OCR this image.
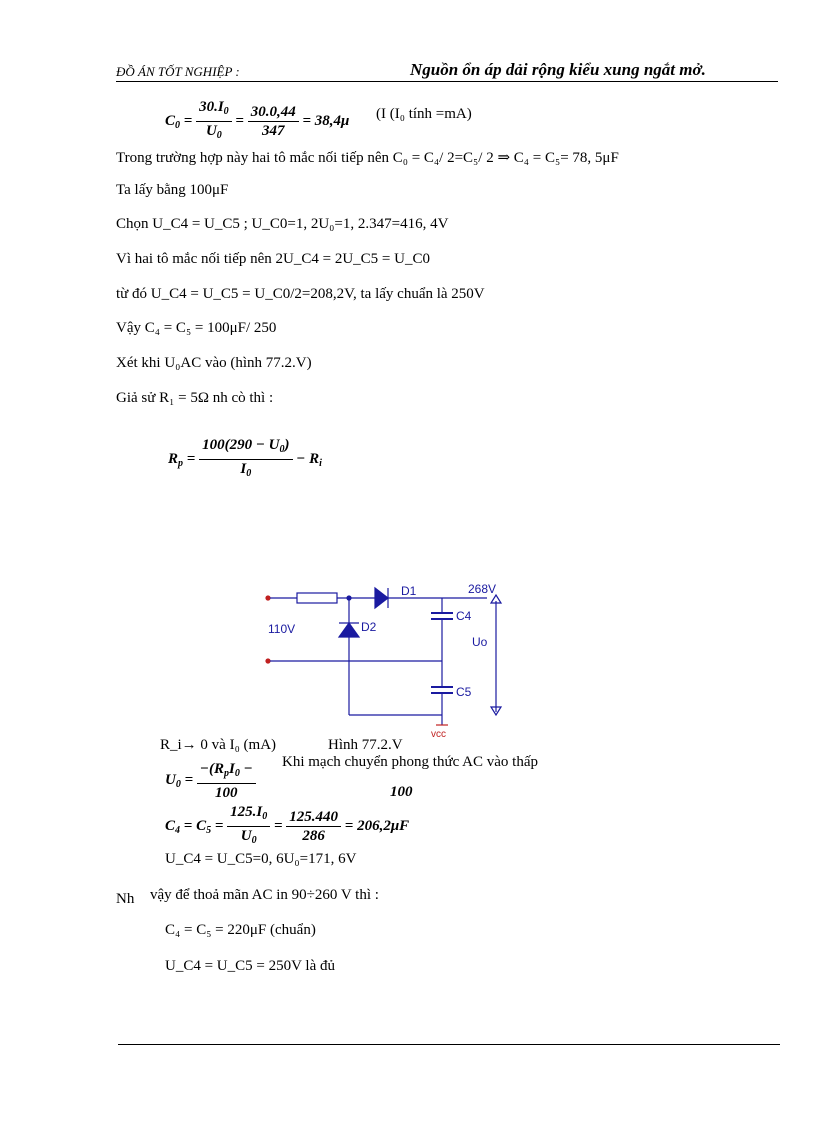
ĐỒ ÁN TỐT NGHIỆP :	Nguồn ổn áp dải rộng kiểu xung ngắt mở.
$C_0 = \frac{30.I_0}{U_0} = \frac{30.0,44}{347} = 38,4\mu$ (I (I₀ tính =mA)
Trong trường hợp này hai tô mắc nối tiếp nên C₀ = C₄/ 2=C₅/ 2 ⇒ C₄ = C₅= 78, 5μF
Ta lấy bằng 100μF
Chọn U_C4 = U_C5 ; U_C0=1, 2U₀=1, 2.347=416, 4V
Vì hai tô mắc nối tiếp nên 2U_C4 = 2U_C5 = U_C0
từ đó U_C4 = U_C5 = U_C0/2=208,2V, ta lấy chuẩn là 250V
Vậy C₄ = C₅ = 100μF/ 250
Xét khi U₀AC vào (hình 77.2.V)
Giả sử R₁ = 5Ω nh cò thì :
$R_p = \frac{100(290 - U_0)}{I_0} - R_i$
110V
D1
D2
268V
C4
C5
Uo
vcc
R_i→ 0 và I₀ (mA)	Hình 77.2.V
$U_0 = \frac{-(R_pI_0 -}{100}$	100
Khi mạch chuyển phong thức AC vào thấp
$C_4 = C_5 = \frac{125.I_0}{U_0} = \frac{125.440}{286} = 206,2\mu F$
U_C4 = U_C5=0, 6U₀=171, 6V
Nh vậy để thoả mãn AC in 90÷260 V thì :
C₄ = C₅ = 220μF (chuẩn)
U_C4 = U_C5 = 250V là đủ
